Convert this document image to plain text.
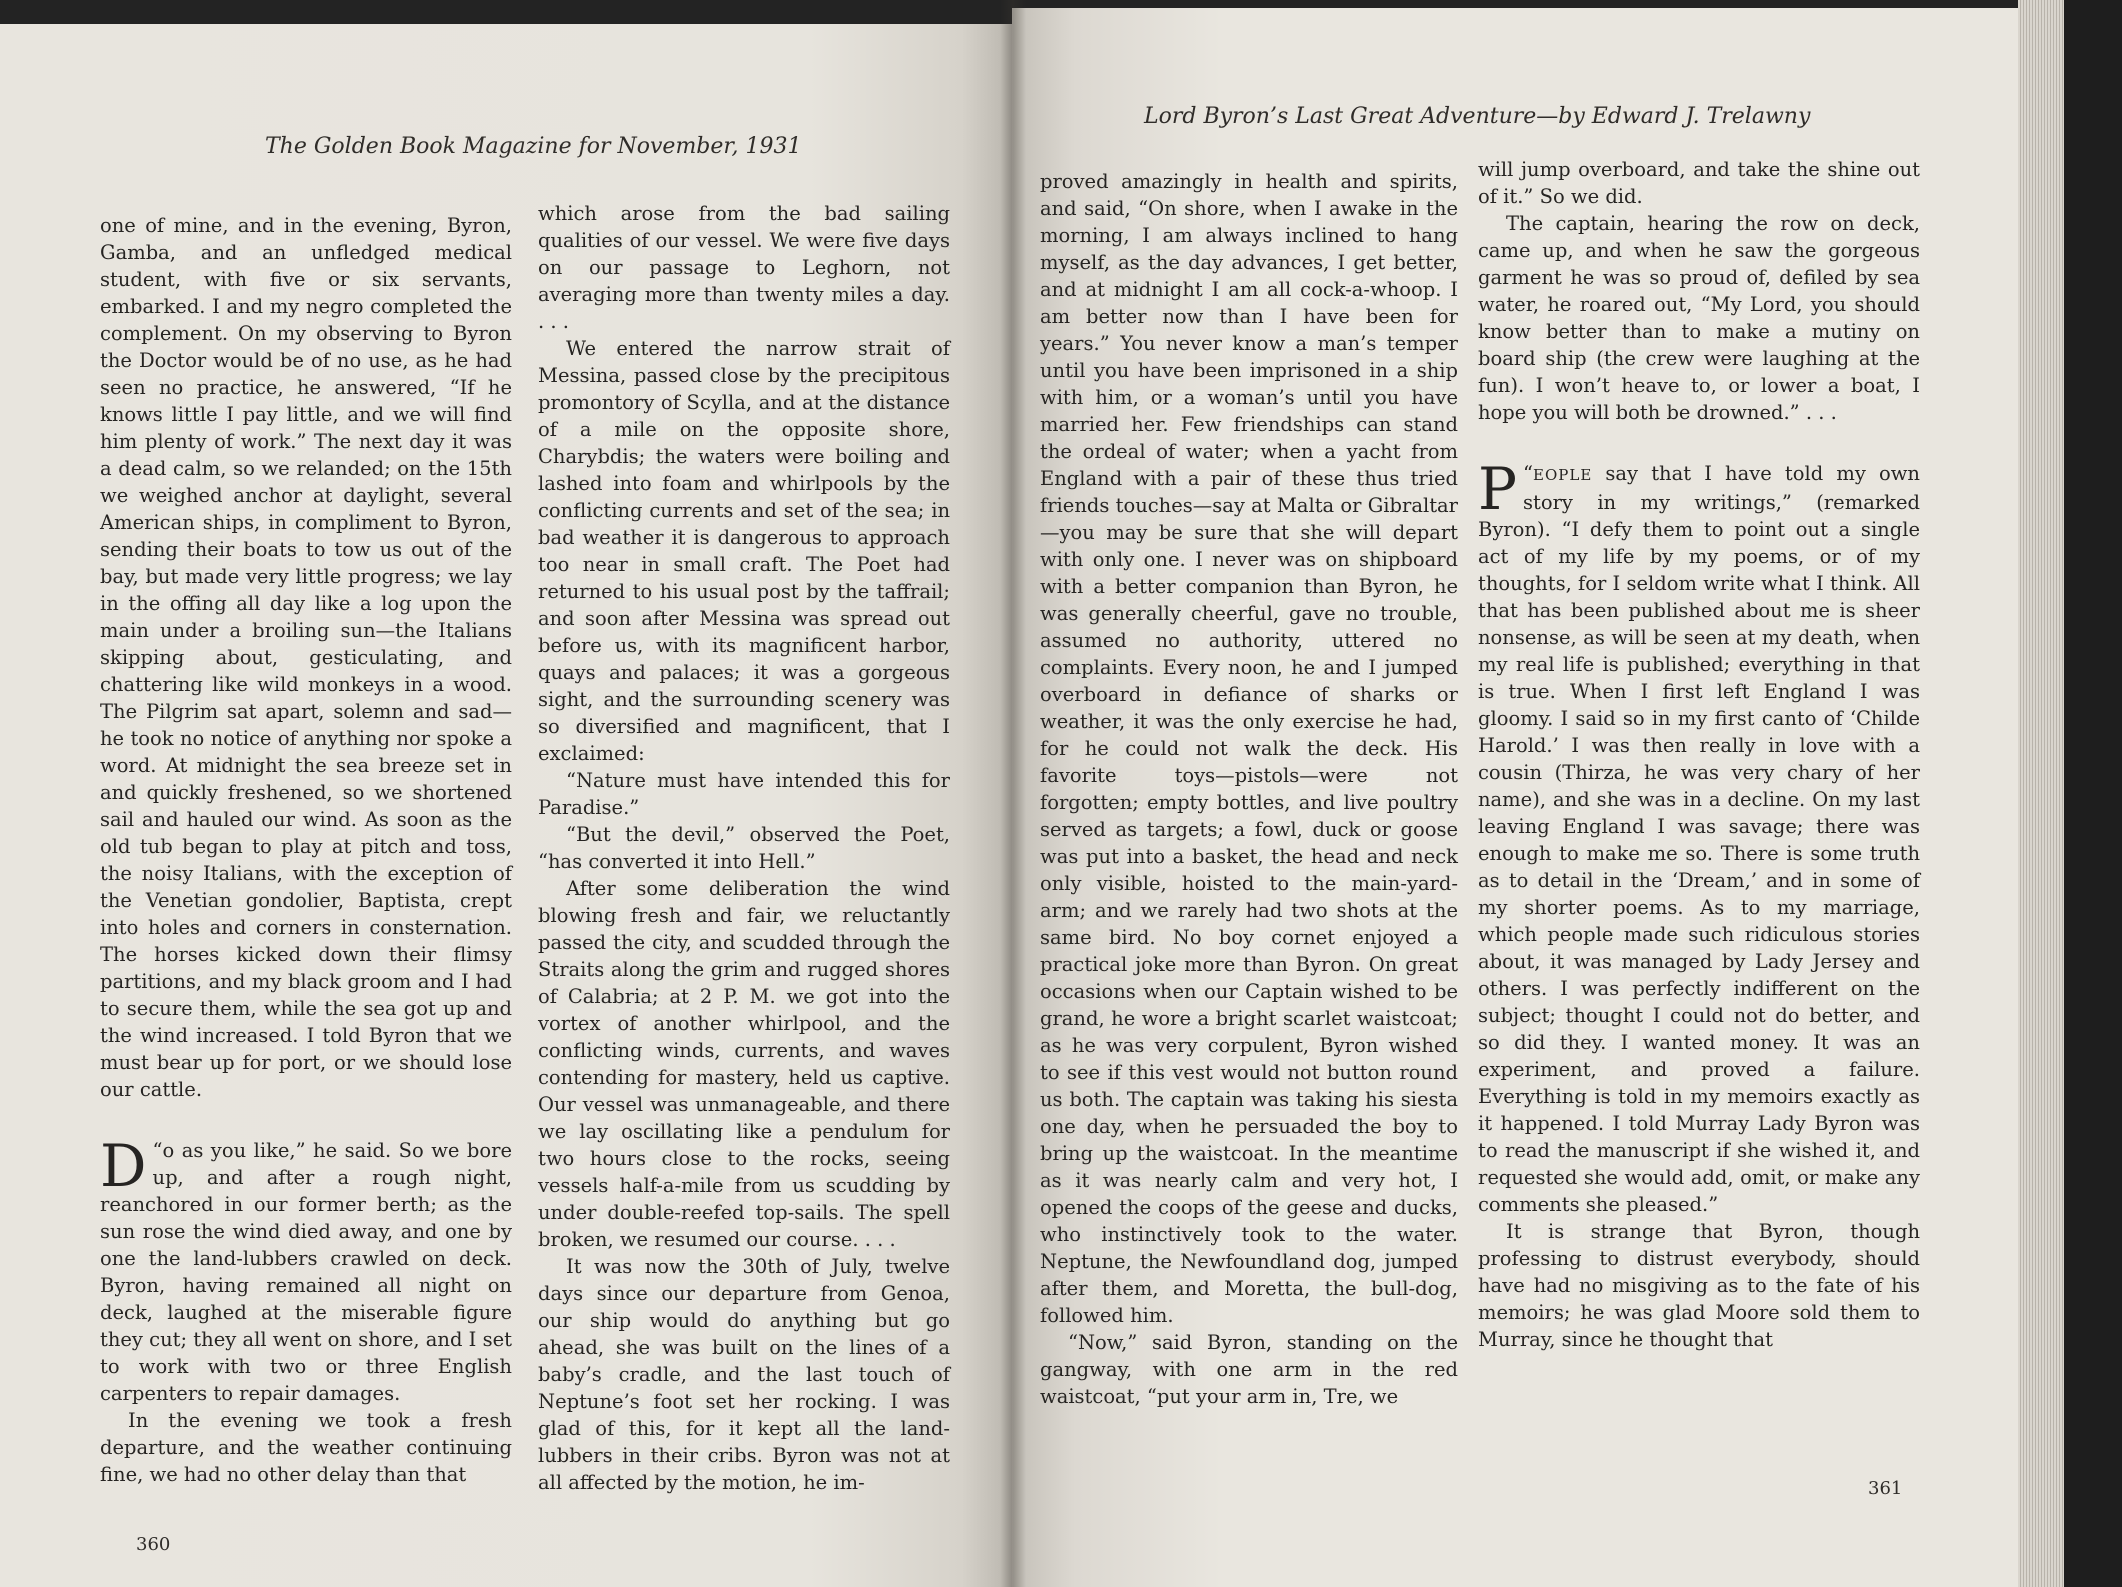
The Golden Book Magazine for November, 1931

one of mine, and in the evening, Byron, Gamba, and an unfledged medical student, with five or six servants, embarked. I and my negro completed the complement. On my observing to Byron the Doctor would be of no use, as he had seen no practice, he answered, “If he knows little I pay little, and we will find him plenty of work.” The next day it was a dead calm, so we relanded; on the 15th we weighed anchor at daylight, several American ships, in compliment to Byron, sending their boats to tow us out of the bay, but made very little progress; we lay in the offing all day like a log upon the main under a broiling sun—the Italians skipping about, gesticulating, and chattering like wild monkeys in a wood. The Pilgrim sat apart, solemn and sad—he took no notice of anything nor spoke a word. At midnight the sea breeze set in and quickly freshened, so we shortened sail and hauled our wind. As soon as the old tub began to play at pitch and toss, the noisy Italians, with the exception of the Venetian gondolier, Baptista, crept into holes and corners in consternation. The horses kicked down their flimsy partitions, and my black groom and I had to secure them, while the sea got up and the wind increased. I told Byron that we must bear up for port, or we should lose our cattle.

“
D o as you like,” he said. So we bore up, and after a rough night, reanchored in our former berth; as the sun rose the wind died away, and one by one the land-lubbers crawled on deck. Byron, having remained all night on deck, laughed at the miserable figure they cut; they all went on shore, and I set to work with two or three English carpenters to repair damages.

In the evening we took a fresh departure, and the weather continuing fine, we had no other delay than that

which arose from the bad sailing qualities of our vessel. We were five days on our passage to Leghorn, not averaging more than twenty miles a day. . . .

We entered the narrow strait of Messina, passed close by the precipitous promontory of Scylla, and at the distance of a mile on the opposite shore, Charybdis; the waters were boiling and lashed into foam and whirlpools by the conflicting currents and set of the sea; in bad weather it is dangerous to approach too near in small craft. The Poet had returned to his usual post by the taffrail; and soon after Messina was spread out before us, with its magnificent harbor, quays and palaces; it was a gorgeous sight, and the surrounding scenery was so diversified and magnificent, that I exclaimed:

“Nature must have intended this for Paradise.”

“But the devil,” observed the Poet, “has converted it into Hell.”

After some deliberation the wind blowing fresh and fair, we reluctantly passed the city, and scudded through the Straits along the grim and rugged shores of Calabria; at 2 P. M. we got into the vortex of another whirlpool, and the conflicting winds, currents, and waves contending for mastery, held us captive. Our vessel was unmanageable, and there we lay oscillating like a pendulum for two hours close to the rocks, seeing vessels half-a-mile from us scudding by under double-reefed top-sails. The spell broken, we resumed our course. . . .

It was now the 30th of July, twelve days since our departure from Genoa, our ship would do anything but go ahead, she was built on the lines of a baby’s cradle, and the last touch of Neptune’s foot set her rocking. I was glad of this, for it kept all the land-lubbers in their cribs. Byron was not at all affected by the motion, he im-

360
Lord Byron’s Last Great Adventure—by Edward J. Trelawny

proved amazingly in health and spirits, and said, “On shore, when I awake in the morning, I am always inclined to hang myself, as the day advances, I get better, and at midnight I am all cock-a-whoop. I am better now than I have been for years.” You never know a man’s temper until you have been imprisoned in a ship with him, or a woman’s until you have married her. Few friendships can stand the ordeal of water; when a yacht from England with a pair of these thus tried friends touches—say at Malta or Gibraltar—you may be sure that she will depart with only one. I never was on shipboard with a better companion than Byron, he was generally cheerful, gave no trouble, assumed no authority, uttered no complaints. Every noon, he and I jumped overboard in defiance of sharks or weather, it was the only exercise he had, for he could not walk the deck. His favorite toys—pistols—were not forgotten; empty bottles, and live poultry served as targets; a fowl, duck or goose was put into a basket, the head and neck only visible, hoisted to the main-yard-arm; and we rarely had two shots at the same bird. No boy cornet enjoyed a practical joke more than Byron. On great occasions when our Captain wished to be grand, he wore a bright scarlet waistcoat; as he was very corpulent, Byron wished to see if this vest would not button round us both. The captain was taking his siesta one day, when he persuaded the boy to bring up the waistcoat. In the meantime as it was nearly calm and very hot, I opened the coops of the geese and ducks, who instinctively took to the water. Neptune, the Newfoundland dog, jumped after them, and Moretta, the bull-dog, followed him.

“Now,” said Byron, standing on the gangway, with one arm in the red waistcoat, “put your arm in, Tre, we

will jump overboard, and take the shine out of it.” So we did.

The captain, hearing the row on deck, came up, and when he saw the gorgeous garment he was so proud of, defiled by sea water, he roared out, “My Lord, you should know better than to make a mutiny on board ship (the crew were laughing at the fun). I won’t heave to, or lower a boat, I hope you will both be drowned.” . . .

“
P	EOPLE say that I have told my own story in my writings,” (remarked Byron). “I defy them to point out a single act of my life by my poems, or of my thoughts, for I seldom write what I think. All that has been published about me is sheer nonsense, as will be seen at my death, when my real life is published; everything in that is true. When I first left England I was gloomy. I said so in my first canto of ‘Childe Harold.’ I was then really in love with a cousin (Thirza, he was very chary of her name), and she was in a decline. On my last leaving England I was savage; there was enough to make me so. There is some truth as to detail in the ‘Dream,’ and in some of my shorter poems. As to my marriage, which people made such ridiculous stories about, it was managed by Lady Jersey and others. I was perfectly indifferent on the subject; thought I could not do better, and so did they. I wanted money. It was an experiment, and proved a failure. Everything is told in my memoirs exactly as it happened. I told Murray Lady Byron was to read the manuscript if she wished it, and requested she would add, omit, or make any comments she pleased.”

It is strange that Byron, though professing to distrust everybody, should have had no misgiving as to the fate of his memoirs; he was glad Moore sold them to Murray, since he thought that

361
